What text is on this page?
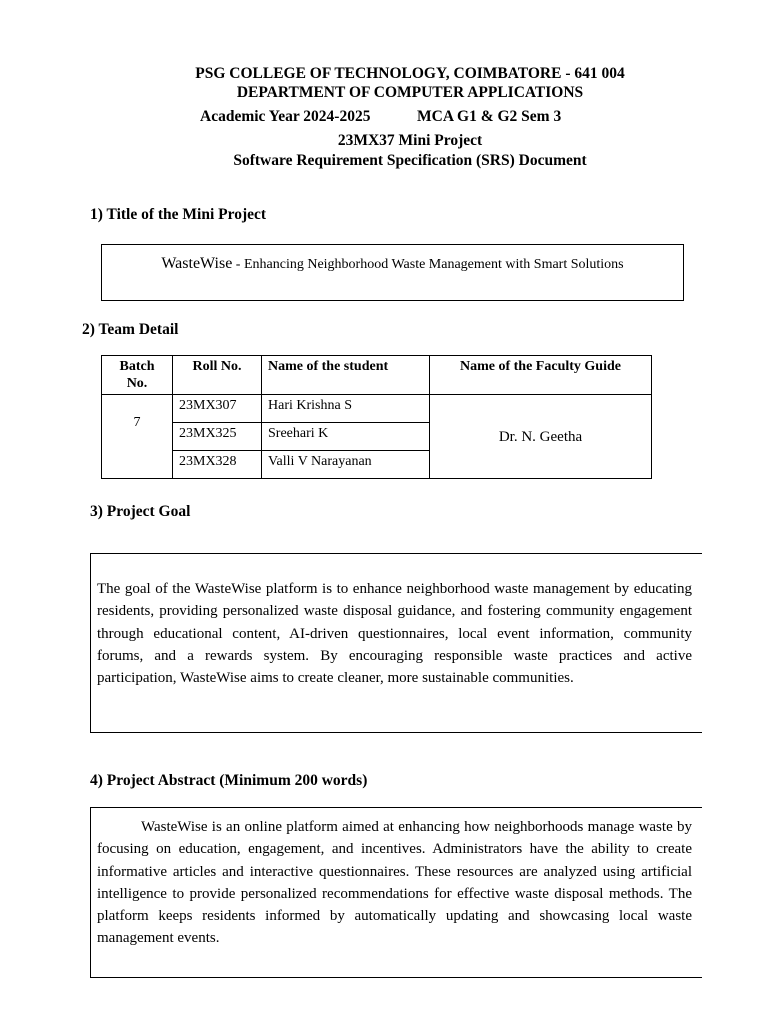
PSG COLLEGE OF TECHNOLOGY, COIMBATORE - 641 004
DEPARTMENT OF COMPUTER APPLICATIONS
Academic Year 2024-2025	MCA G1 & G2 Sem 3
23MX37 Mini Project
Software Requirement Specification (SRS) Document
1) Title of the Mini Project
WasteWise - Enhancing Neighborhood Waste Management with Smart Solutions
2) Team Detail
Batch No.	Roll No.	Name of the student	Name of the Faculty Guide
7	23MX307	Hari Krishna S	Dr. N. Geetha
	23MX325	Sreehari K	
	23MX328	Valli V Narayanan	
3) Project Goal

The goal of the WasteWise platform is to enhance neighborhood waste management by educating residents, providing personalized waste disposal guidance, and fostering community engagement through educational content, AI-driven questionnaires, local event information, community forums, and a rewards system. By encouraging responsible waste practices and active participation, WasteWise aims to create cleaner, more sustainable communities.

4) Project Abstract (Minimum 200 words)

WasteWise is an online platform aimed at enhancing how neighborhoods manage waste by focusing on education, engagement, and incentives. Administrators have the ability to create informative articles and interactive questionnaires. These resources are analyzed using artificial intelligence to provide personalized recommendations for effective waste disposal methods. The platform keeps residents informed by automatically updating and showcasing local waste management events.
